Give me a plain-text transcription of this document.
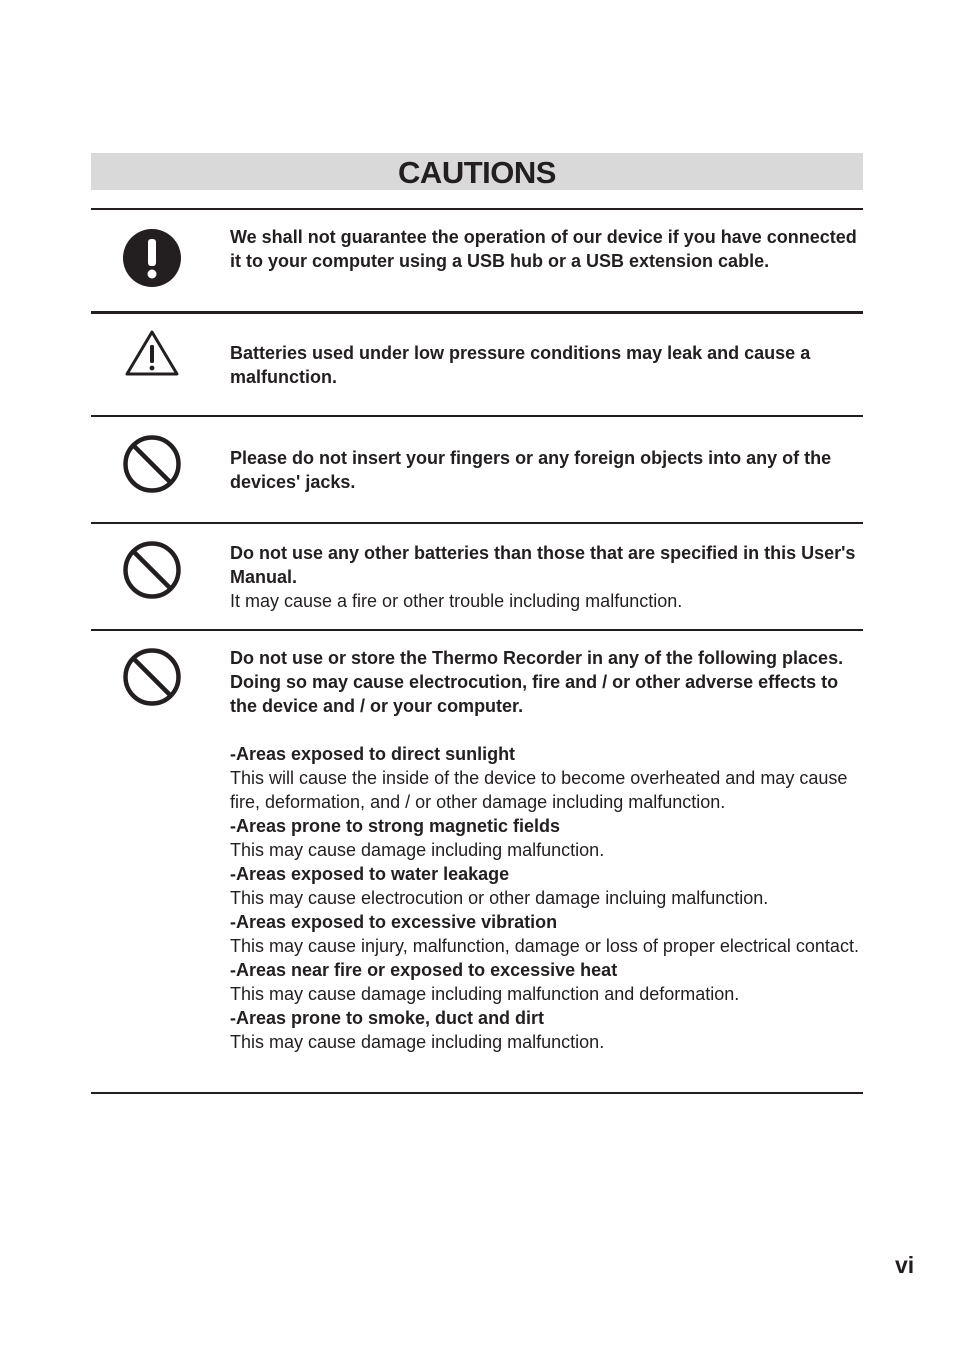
CAUTIONS

We shall not guarantee the operation of our device if you have connected it to your computer using a USB hub or a USB extension cable.

Batteries used under low pressure conditions may leak and cause a malfunction.

Please do not insert your fingers or any foreign objects into any of the devices' jacks.

Do not use any other batteries than those that are specified in this User's Manual.

It may cause a fire or other trouble including malfunction.

Do not use or store the Thermo Recorder in any of the following places. Doing so may cause electrocution, fire and / or other adverse effects to the device and / or your computer.

-Areas exposed to direct sunlight

This will cause the inside of the device to become overheated and may cause fire, deformation, and / or other damage including malfunction.

-Areas prone to strong magnetic fields

This may cause damage including malfunction.

-Areas exposed to water leakage

This may cause electrocution or other damage incluing malfunction.

-Areas exposed to excessive vibration

This may cause injury, malfunction, damage or loss of proper electrical contact.

-Areas near fire or exposed to excessive heat

This may cause damage including malfunction and deformation.

-Areas prone to smoke, duct and dirt

This may cause damage including malfunction.

vi
